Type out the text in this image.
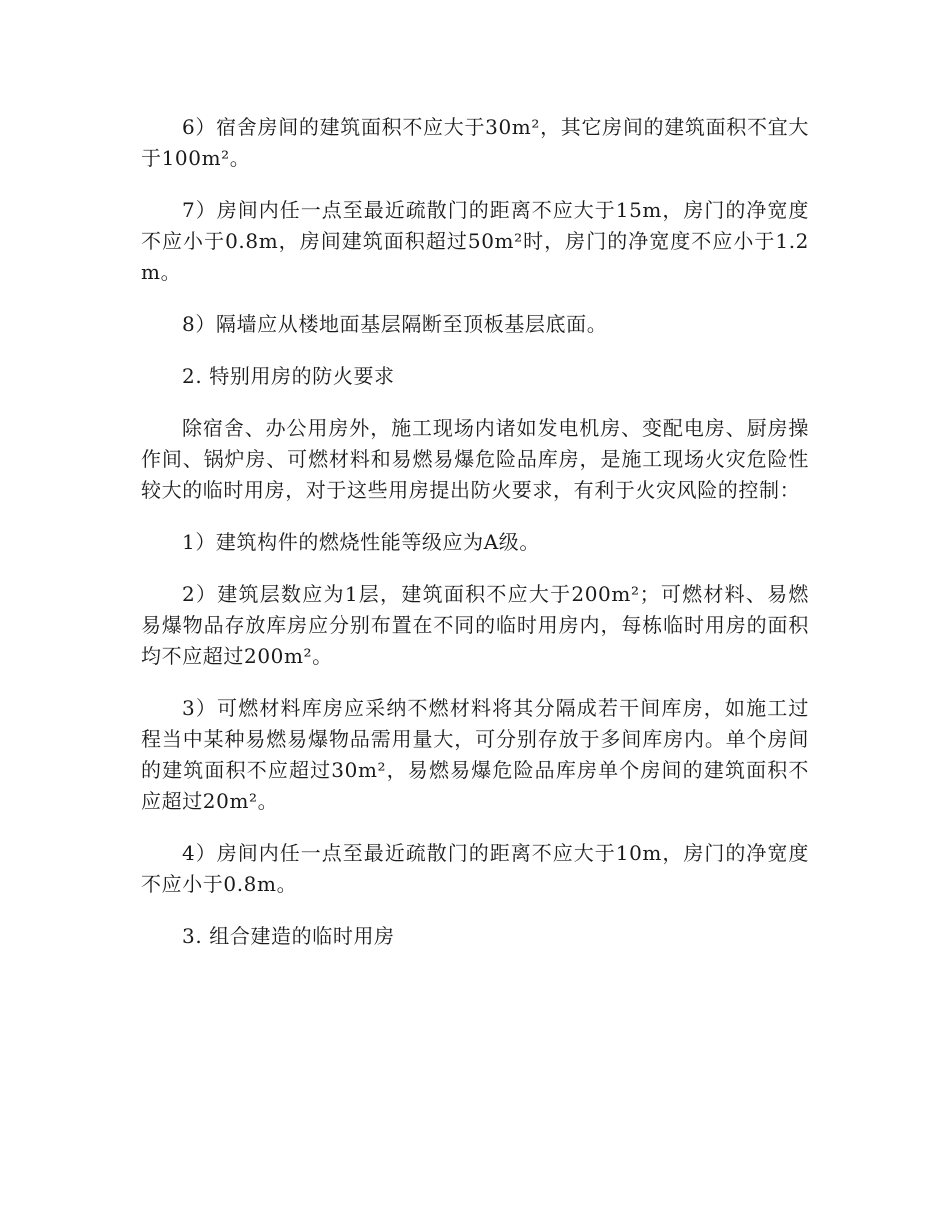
6）宿舍房间的建筑面积不应大于30m²，其它房间的建筑面积不宜大于100m²。

7）房间内任一点至最近疏散门的距离不应大于15m，房门的净宽度不应小于0.8m，房间建筑面积超过50m²时，房门的净宽度不应小于1.2m。

8）隔墙应从楼地面基层隔断至顶板基层底面。

2. 特别用房的防火要求

除宿舍、办公用房外，施工现场内诸如发电机房、变配电房、厨房操作间、锅炉房、可燃材料和易燃易爆危险品库房，是施工现场火灾危险性较大的临时用房，对于这些用房提出防火要求，有利于火灾风险的控制：

1）建筑构件的燃烧性能等级应为A级。

2）建筑层数应为1层，建筑面积不应大于200m²；可燃材料、易燃易爆物品存放库房应分别布置在不同的临时用房内，每栋临时用房的面积均不应超过200m²。

3）可燃材料库房应采纳不燃材料将其分隔成若干间库房，如施工过程当中某种易燃易爆物品需用量大，可分别存放于多间库房内。单个房间的建筑面积不应超过30m²，易燃易爆危险品库房单个房间的建筑面积不应超过20m²。

4）房间内任一点至最近疏散门的距离不应大于10m，房门的净宽度不应小于0.8m。

3. 组合建造的临时用房
